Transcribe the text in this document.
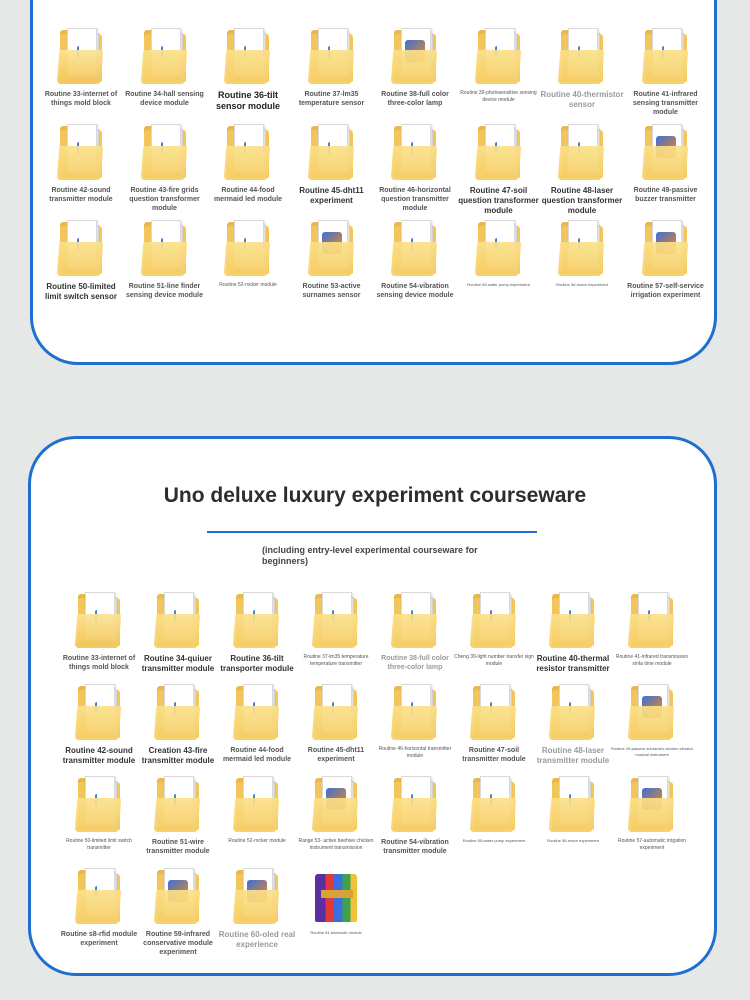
Routine 33-internet of things mold block
Routine 34-hall sensing device module
Routine 36-tilt sensor module
Routine 37-lm35 temperature sensor
Routine 38-full color three-color lamp
Routine 39-photosensitive sensing device module
Routine 40-thermistor sensor
Routine 41-infrared sensing transmitter module
Routine 42-sound transmitter module
Routine 43-fire grids question transformer module
Routine 44-food mermaid led module
Routine 45-dht11 experiment
Routine 46-horizontal question transmitter module
Routine 47-soil question transformer module
Routine 48-laser question transformer module
Routine 49-passive buzzer transmitter
Routine 50-limited limit switch sensor
Routine 51-line finder sensing device module
Routine 52-rocker module	Routine 53-active surnames sensor
Routine 54-vibration sensing device module
Routine 55-water pump experiment	Routine 56-motor experiment	Routine 57-self-service irrigation experiment
Uno deluxe luxury experiment courseware
(including entry-level experimental courseware for beginners)
Routine 33-internet of things mold block
Routine 34-quiuer transmitter module
Routine 36-tilt transporter module
Routine 37-lm35 temperature temperature transmitter
Routine 38-full color three-color lamp
Cheng 39-light number transfer sign module
Routine 40-thermal resistor transmitter
Routine 41-infrared transmission xinfa time module
Routine 42-sound transmitter module
Creation 43-fire transmitter module
Routine 44-food mermaid led module
Routine 45-dht11 experiment
Routine 46-horizontal transmitter module
Routine 47-soil transmitter module
Routine 48-laser transmitter module
Routine 49-passive surnames chicken vibrator musical instrument
Routine 50-limited limit switch transmitter
Routine 51-wire transmitter module
Routine 52-rocker module	Range 53- active beehive chicken instrument transmission
Routine 54-vibration transmitter module
Routine 55-water pump experiment	Routine 56-motor experiment	Routine 57-automatic irrigation experiment
Routine s8-rfid module experiment
Routine 59-infrared conservative module experiment
Routine 60-oled real experience
Routine 61-bluetooth module
